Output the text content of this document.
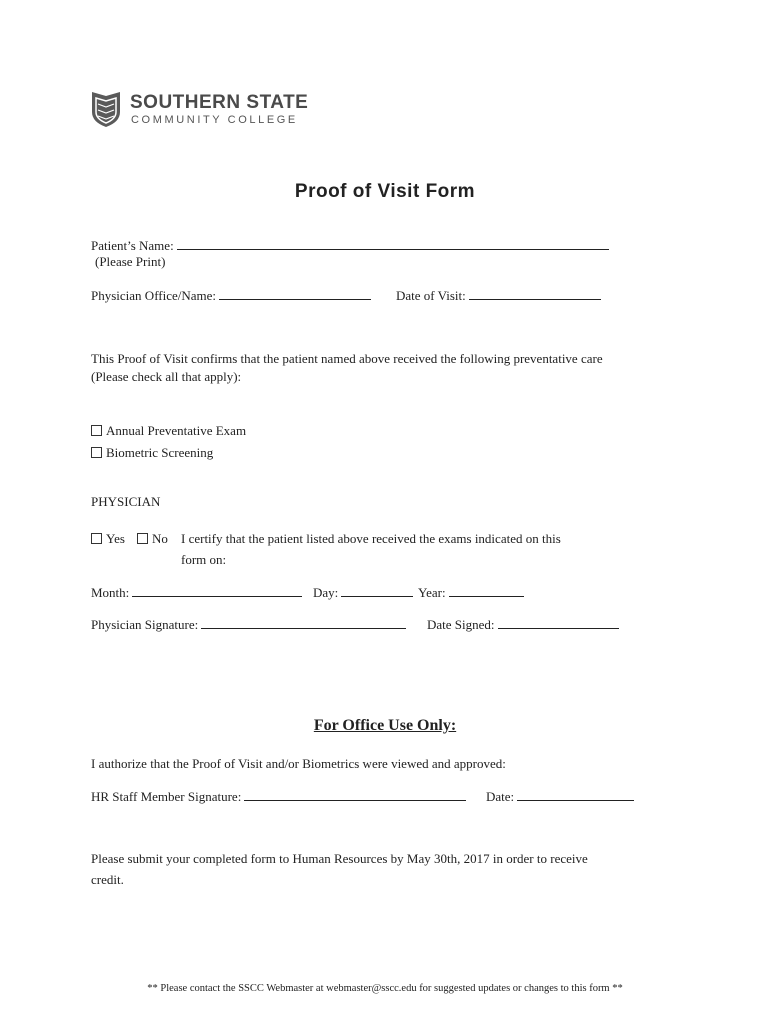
SOUTHERN STATE
COMMUNITY COLLEGE
Proof of Visit Form
Patient’s Name:
(Please Print)
Physician Office/Name:	Date of Visit:
This Proof of Visit confirms that the patient named above received the following preventative care
(Please check all that apply):
Annual Preventative Exam
Biometric Screening
PHYSICIAN
Yes	No I certify that the patient listed above received the exams indicated on this
form on:
Month:	Day:	Year:
Physician Signature:	Date Signed:
For Office Use Only:
I authorize that the Proof of Visit and/or Biometrics were viewed and approved:
HR Staff Member Signature:	Date:
Please submit your completed form to Human Resources by May 30th, 2017 in order to receive
credit.
** Please contact the SSCC Webmaster at webmaster@sscc.edu for suggested updates or changes to this form **
